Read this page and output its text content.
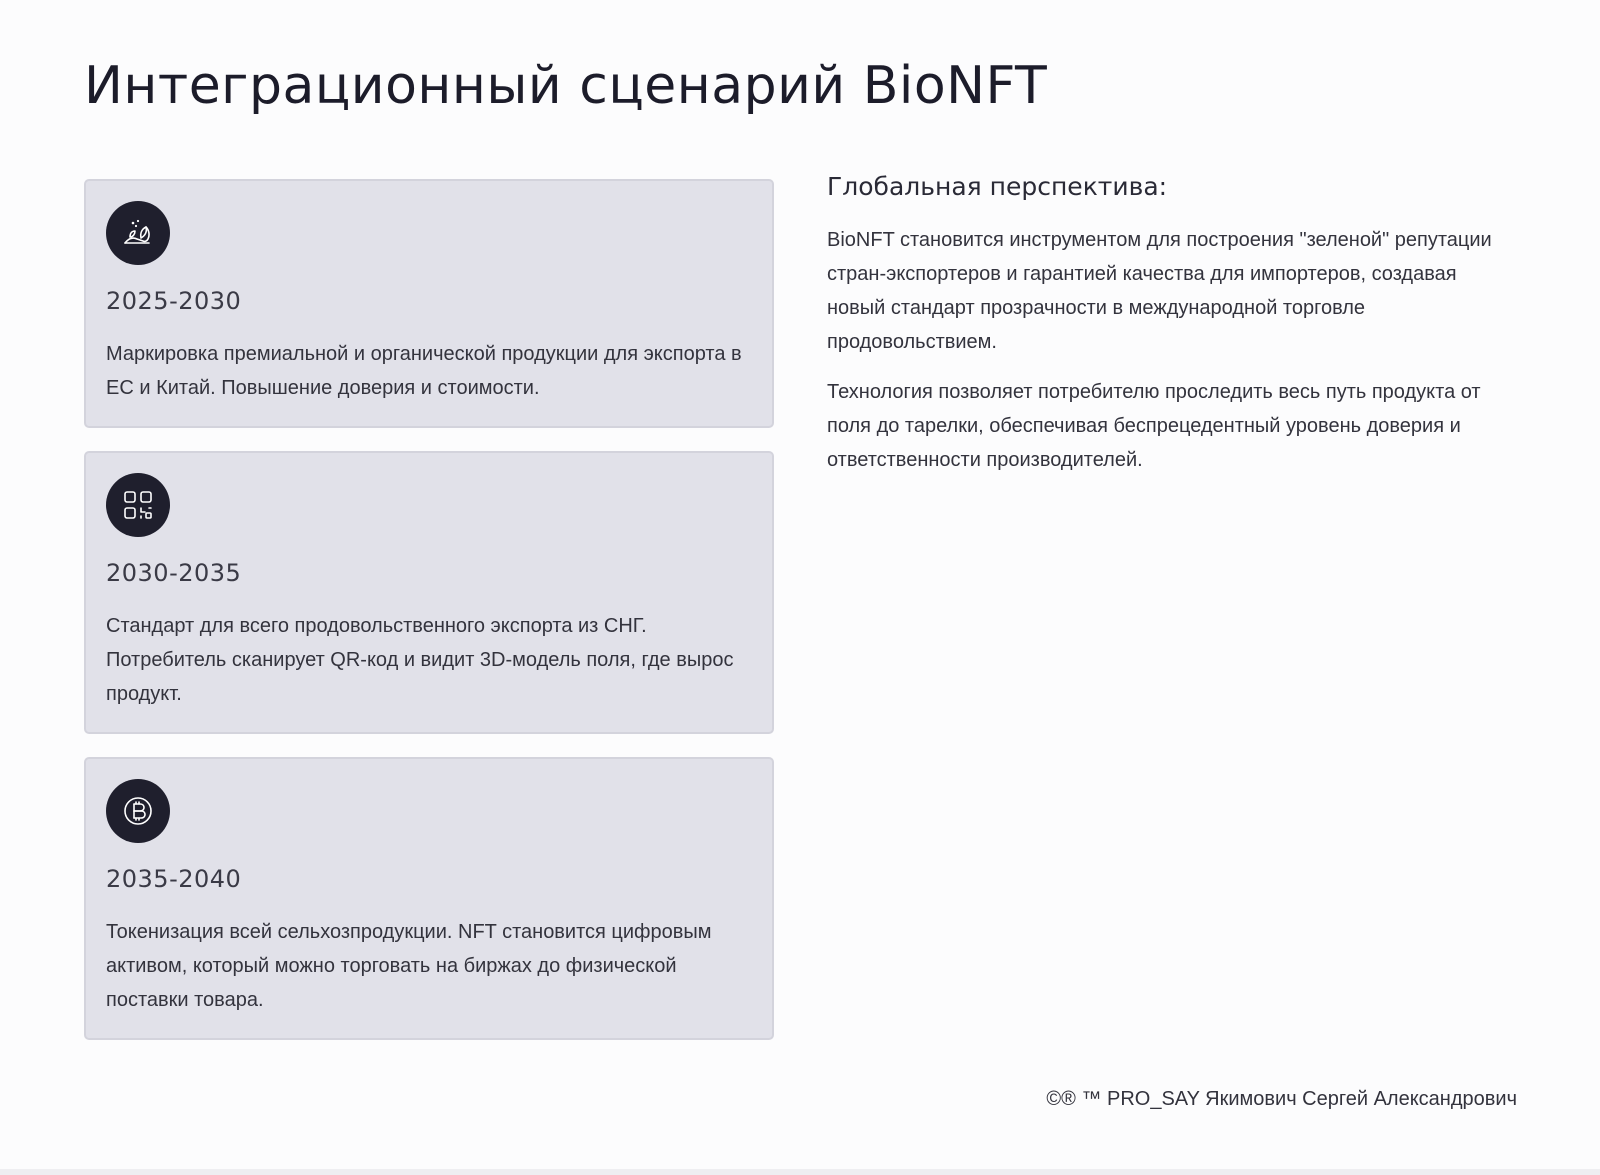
Интеграционный сценарий BioNFT
2025-2030
Маркировка премиальной и органической продукции для экспорта в ЕС и Китай. Повышение доверия и стоимости.
2030-2035
Стандарт для всего продовольственного экспорта из СНГ. Потребитель сканирует QR-код и видит 3D-модель поля, где вырос продукт.
2035-2040
Токенизация всей сельхозпродукции. NFT становится цифровым активом, который можно торговать на биржах до физической поставки товара.
Глобальная перспектива:

BioNFT становится инструментом для построения "зеленой" репутации стран-экспортеров и гарантией качества для импортеров, создавая новый стандарт прозрачности в международной торговле продовольствием.

Технология позволяет потребителю проследить весь путь продукта от поля до тарелки, обеспечивая беспрецедентный уровень доверия и ответственности производителей.

©® ™ PRO_SAY Якимович Сергей Александрович
